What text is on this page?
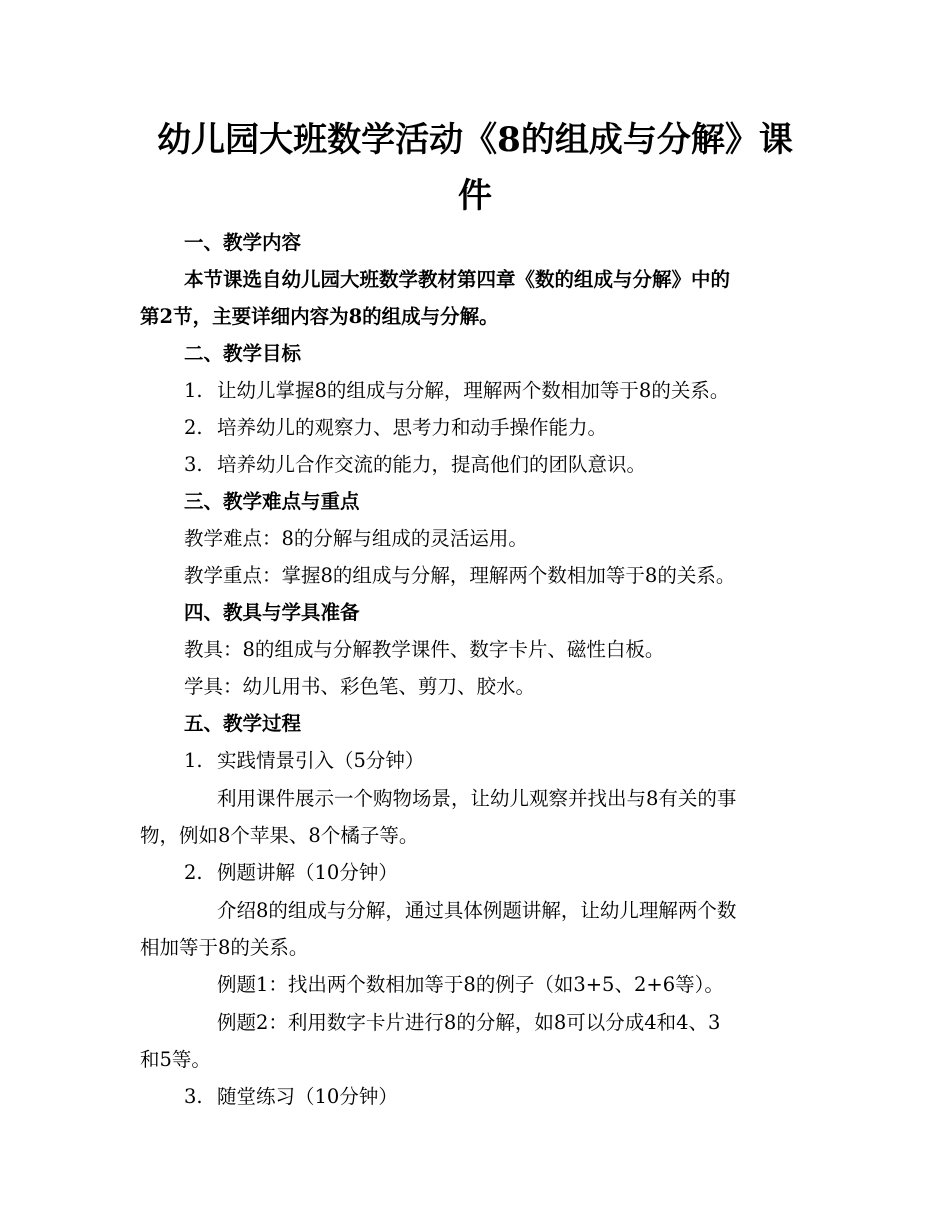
幼儿园大班数学活动《8的组成与分解》课
件

一、教学内容

本节课选自幼儿园大班数学教材第四章《数的组成与分解》中的

第2节，主要详细内容为8的组成与分解。

二、教学目标

1. 让幼儿掌握8的组成与分解，理解两个数相加等于8的关系。

2. 培养幼儿的观察力、思考力和动手操作能力。

3. 培养幼儿合作交流的能力，提高他们的团队意识。

三、教学难点与重点

教学难点：8的分解与组成的灵活运用。

教学重点：掌握8的组成与分解，理解两个数相加等于8的关系。

四、教具与学具准备

教具：8的组成与分解教学课件、数字卡片、磁性白板。

学具：幼儿用书、彩色笔、剪刀、胶水。

五、教学过程

1. 实践情景引入（5分钟）

利用课件展示一个购物场景，让幼儿观察并找出与8有关的事

物，例如8个苹果、8个橘子等。

2. 例题讲解（10分钟）

介绍8的组成与分解，通过具体例题讲解，让幼儿理解两个数

相加等于8的关系。

例题1：找出两个数相加等于8的例子（如3+5、2+6等）。

例题2：利用数字卡片进行8的分解，如8可以分成4和4、3

和5等。

3. 随堂练习（10分钟）
